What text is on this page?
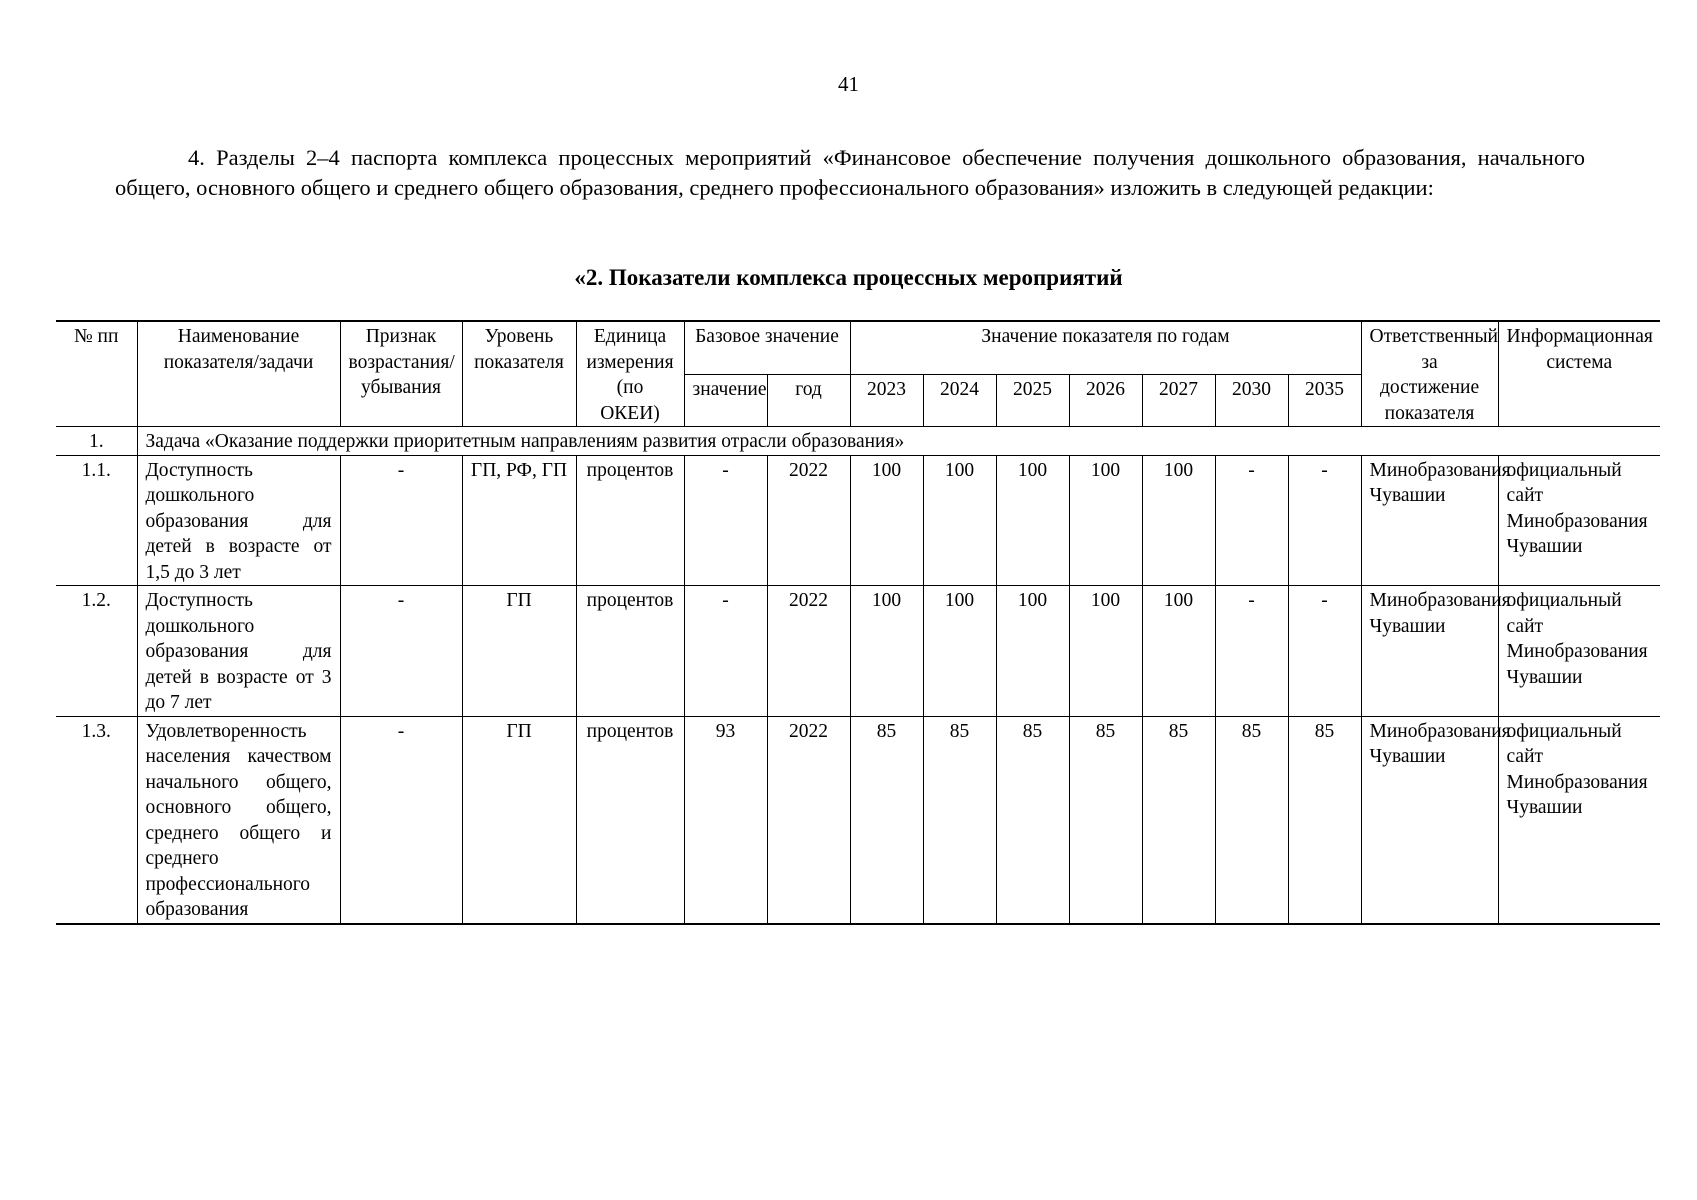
41

4. Разделы 2–4 паспорта комплекса процессных мероприятий «Финансовое обеспечение получения дошкольного образования, начального общего, основного общего и среднего общего образования, среднего профессионального образования» изложить в следующей редакции:

«2. Показатели комплекса процессных мероприятий
№ пп	Наименование показателя/задачи	Признак возрастания/ убывания	Уровень показателя	Единица измерения (по ОКЕИ)	Базовое значение		Значение показателя по годам							Ответственный за достижение показателя	Информационная система
					значение	год	2023	2024	2025	2026	2027	2030	2035		
1.	Задача «Оказание поддержки приоритетным направлениям развития отрасли образования»														
1.1.	Доступность дошкольного образования для детей в возрасте от 1,5 до 3 лет	-	ГП, РФ, ГП	процентов	-	2022	100	100	100	100	100	-	-	Минобразования Чувашии	официальный сайт Минобразования Чувашии
1.2.	Доступность дошкольного образования для детей в возрасте от 3 до 7 лет	-	ГП	процентов	-	2022	100	100	100	100	100	-	-	Минобразования Чувашии	официальный сайт Минобразования Чувашии
1.3.	Удовлетворенность населения качеством начального общего, основного общего, среднего общего и среднего профессионального образования	-	ГП	процентов	93	2022	85	85	85	85	85	85	85	Минобразования Чувашии	официальный сайт Минобразования Чувашии
